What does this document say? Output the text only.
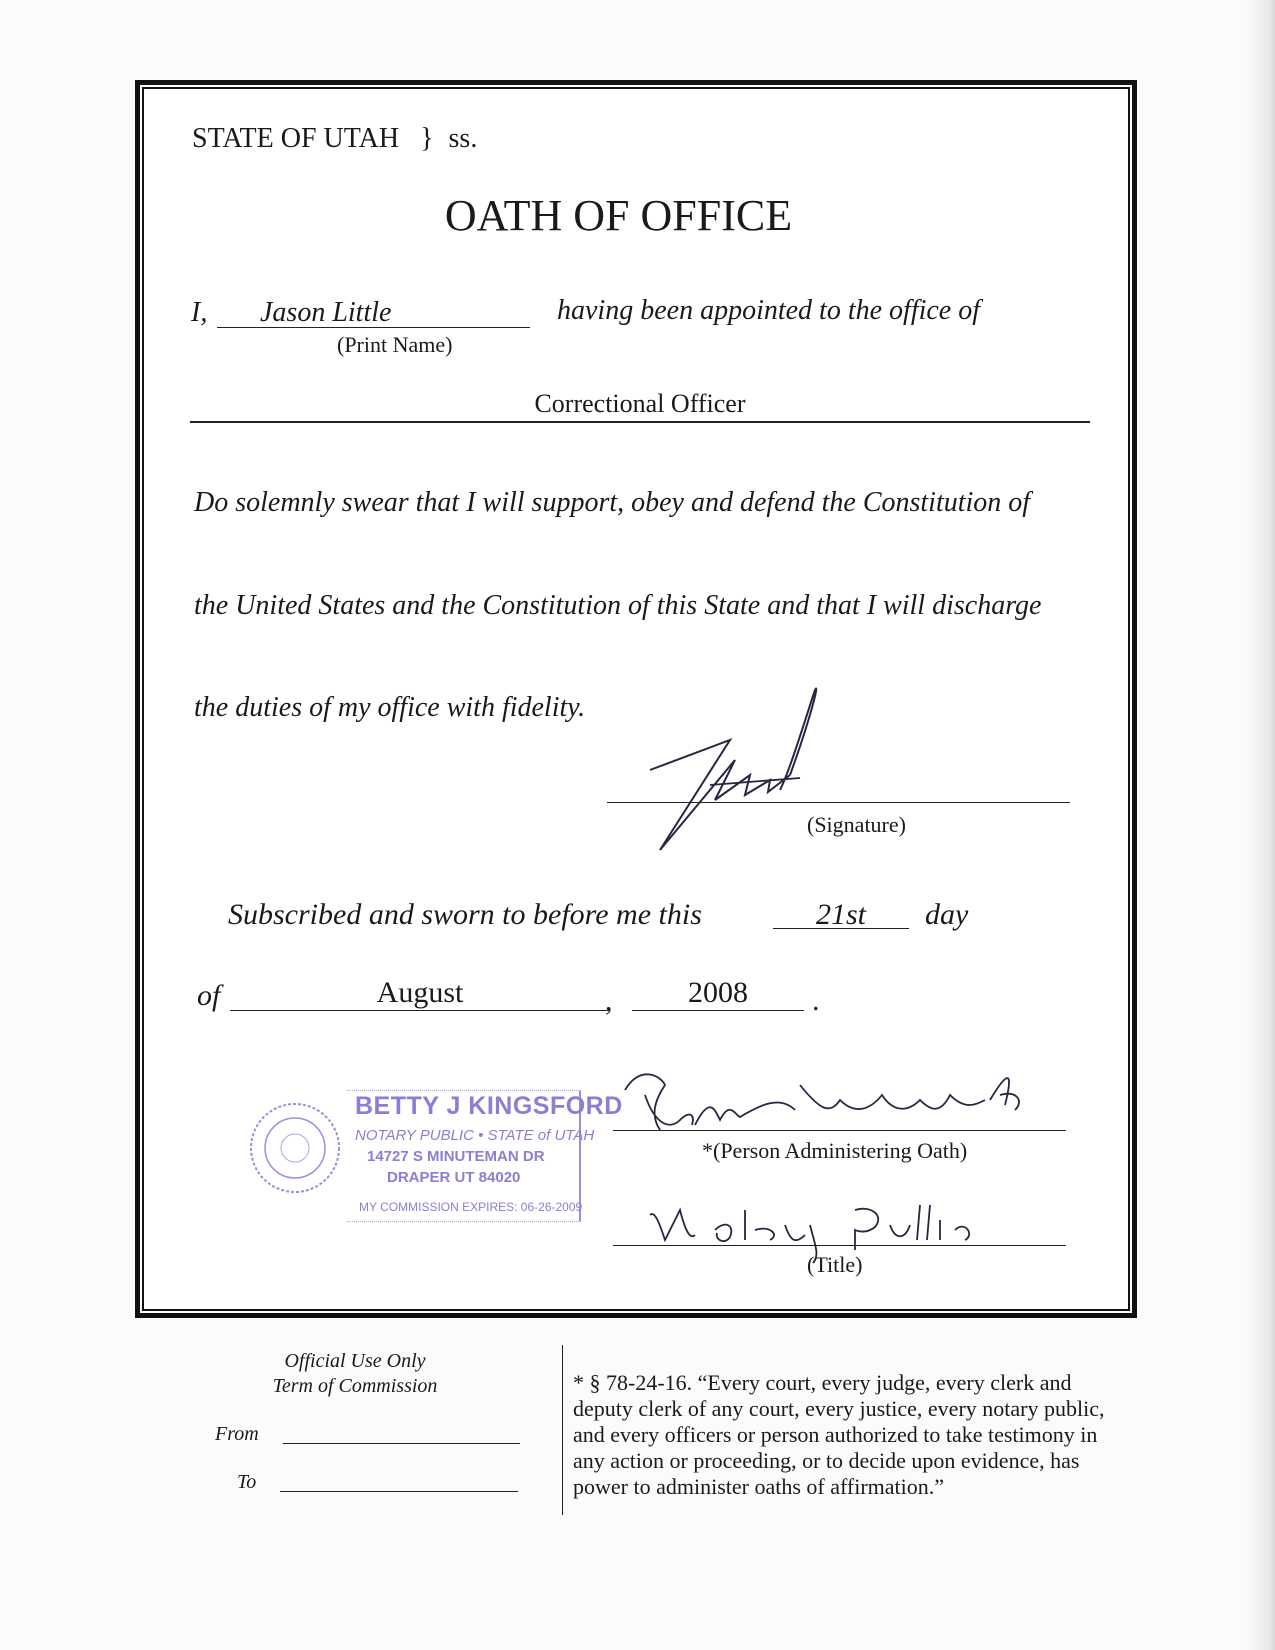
STATE OF UTAH } ss.
OATH OF OFFICE
I, Jason Little
(Print Name)
having been appointed to the office of
Correctional Officer
Do solemnly swear that I will support, obey and defend the Constitution of
the United States and the Constitution of this State and that I will discharge
the duties of my office with fidelity.
(Signature)
Subscribed and sworn to before me this	21st	day
of	August	,	2008	.
BETTY J KINGSFORD
NOTARY PUBLIC • STATE of UTAH
14727 S MINUTEMAN DR
DRAPER UT 84020
MY COMMISSION EXPIRES: 06-26-2009
*(Person Administering Oath)
(Title)
Official Use Only
Term of Commission
From
To
* § 78-24-16. “Every court, every judge, every clerk and
deputy clerk of any court, every justice, every notary public,
and every officers or person authorized to take testimony in
any action or proceeding, or to decide upon evidence, has
power to administer oaths of affirmation.”
